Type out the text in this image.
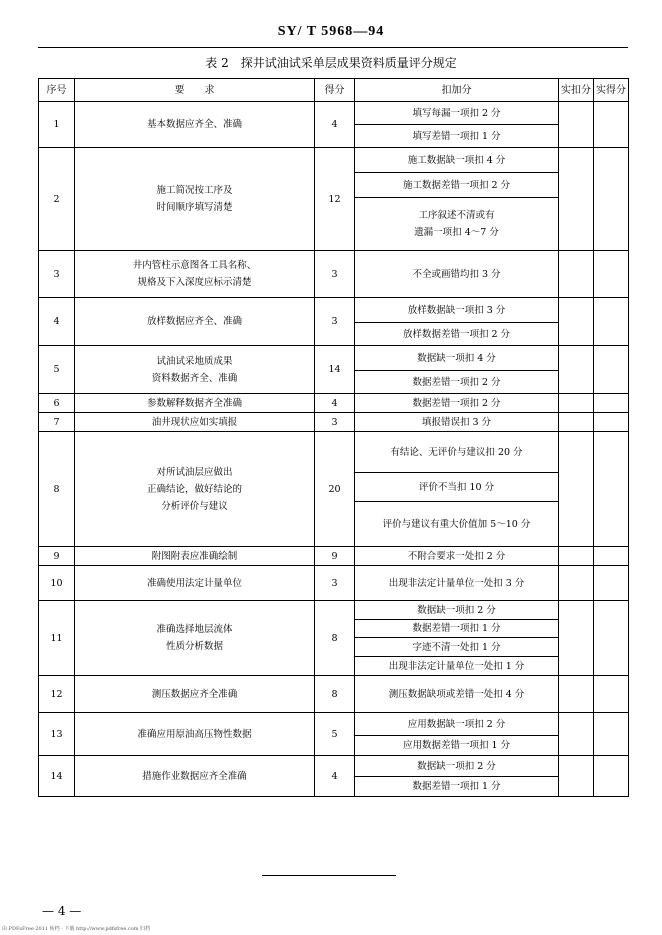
SY/ T 5968—94
表 2　探井试油试采单层成果资料质量评分规定
序号	要　　求	得分	扣加分	实扣分	实得分
1	基本数据应齐全、准确	4	填写每漏一项扣 2 分		
			填写差错一项扣 1 分		
2	施工简况按工序及
时间顺序填写清楚	12	施工数据缺一项扣 4 分		
			施工数据差错一项扣 2 分		
			工序叙述不清或有
遗漏一项扣 4～7 分		
3	井内管柱示意图各工具名称、
规格及下入深度应标示清楚	3	不全或画错均扣 3 分		
4	放样数据应齐全、准确	3	放样数据缺一项扣 3 分		
			放样数据差错一项扣 2 分		
5	试油试采地质成果
资料数据齐全、准确	14	数据缺一项扣 4 分		
			数据差错一项扣 2 分		
6	参数解释数据齐全准确	4	数据差错一项扣 2 分		
7	油井现状应如实填报	3	填报错误扣 3 分		
8	对所试油层应做出
正确结论，做好结论的
分析评价与建议	20	有结论、无评价与建议扣 20 分		
			评价不当扣 10 分		
			评价与建议有重大价值加 5～10 分		
9	附图附表应准确绘制	9	不附合要求一处扣 2 分		
10	准确使用法定计量单位	3	出现非法定计量单位一处扣 3 分		
11	准确选择地层流体
性质分析数据	8	数据缺一项扣 2 分		
			数据差错一项扣 1 分		
			字迹不清一处扣 1 分		
			出现非法定计量单位一处扣 1 分		
12	测压数据应齐全准确	8	测压数据缺项或差错一处扣 4 分		
13	准确应用原油高压物性数据	5	应用数据缺一项扣 2 分		
			应用数据差错一项扣 1 分		
14	措施作业数据应齐全准确	4	数据缺一项扣 2 分		
			数据差错一项扣 1 分		
— 4 —
由 PDFsFree 2011 转档 · 下载 http://www.pdfsfree.com 归档
